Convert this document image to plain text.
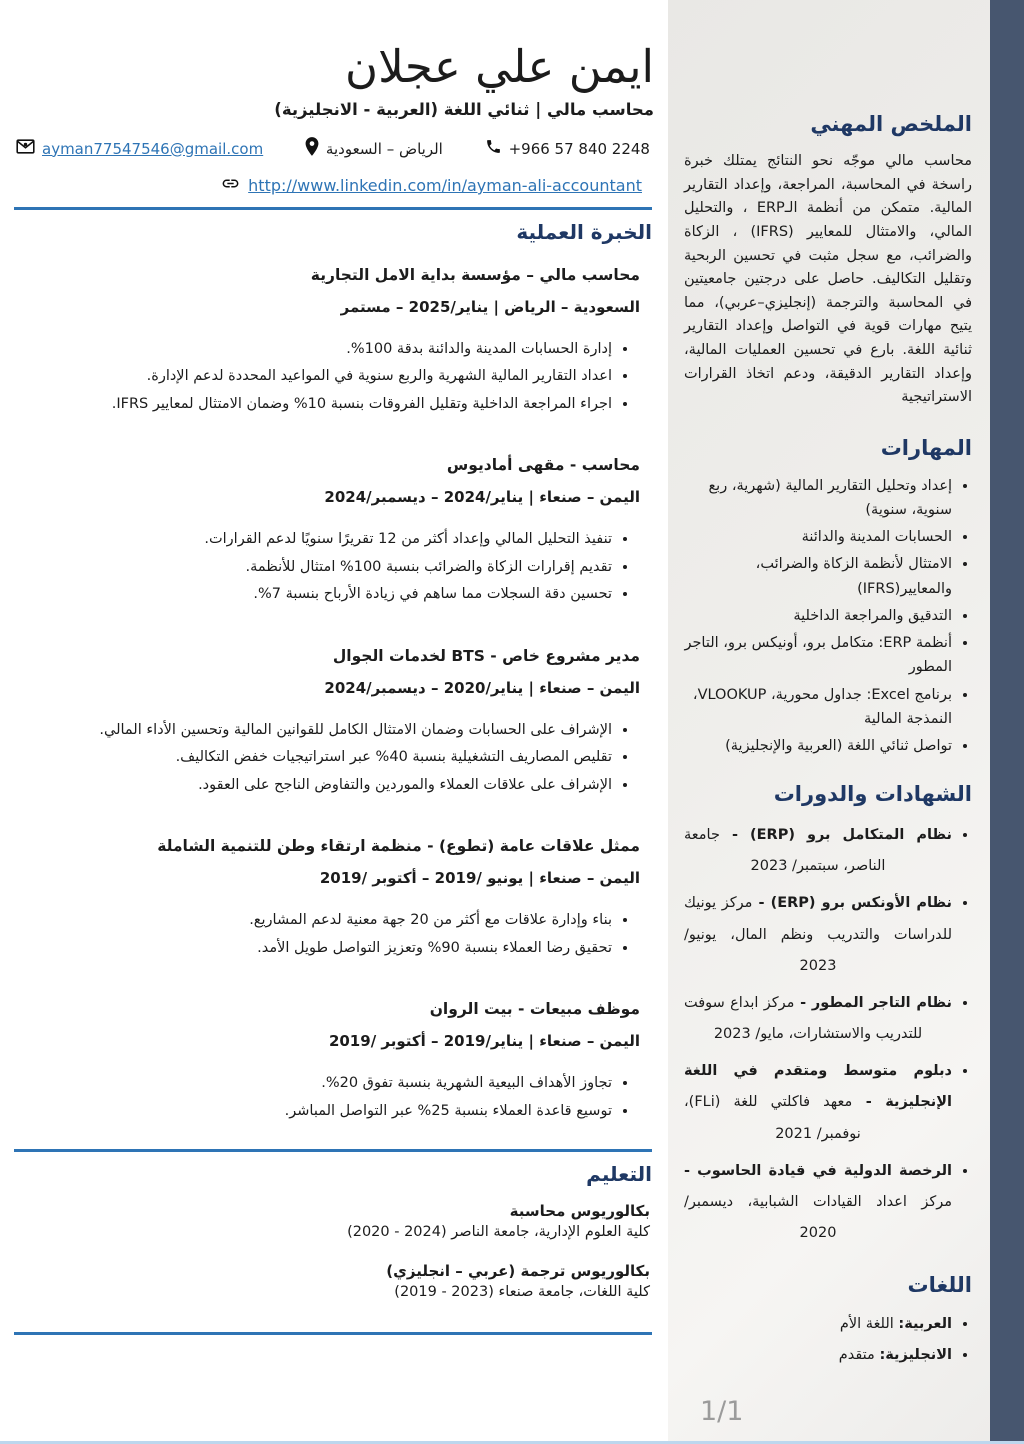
ايمن علي عجلان
محاسب مالي | ثنائي اللغة (العربية - الانجليزية)
ayman77547546@gmail.com	الرياض – السعودية	+966 57 840 2248
http://www.linkedin.com/in/ayman-ali-accountant
الخبرة العملية
محاسب مالي – مؤسسة بداية الامل التجارية
السعودية – الرياض | يناير/2025 – مستمر
• إدارة الحسابات المدينة والدائنة بدقة 100%.
• اعداد التقارير المالية الشهرية والربع سنوية في المواعيد المحددة لدعم الإدارة.
• اجراء المراجعة الداخلية وتقليل الفروقات بنسبة 10% وضمان الامتثال لمعايير IFRS.
محاسب - مقهى أماديوس
اليمن – صنعاء | يناير/2024 – ديسمبر/2024
• تنفيذ التحليل المالي وإعداد أكثر من 12 تقريرًا سنويًا لدعم القرارات.
• تقديم إقرارات الزكاة والضرائب بنسبة 100% امتثال للأنظمة.
• تحسين دقة السجلات مما ساهم في زيادة الأرباح بنسبة 7%.
مدير مشروع خاص - BTS لخدمات الجوال
اليمن – صنعاء | يناير/2020 – ديسمبر/2024
• الإشراف على الحسابات وضمان الامتثال الكامل للقوانين المالية وتحسين الأداء المالي.
• تقليص المصاريف التشغيلية بنسبة 40% عبر استراتيجيات خفض التكاليف.
• الإشراف على علاقات العملاء والموردين والتفاوض الناجح على العقود.
ممثل علاقات عامة (تطوع) - منظمة ارتقاء وطن للتنمية الشاملة
اليمن – صنعاء | يونيو /2019 – أكتوبر /2019
• بناء وإدارة علاقات مع أكثر من 20 جهة معنية لدعم المشاريع.
• تحقيق رضا العملاء بنسبة 90% وتعزيز التواصل طويل الأمد.
موظف مبيعات - بيت الروان
اليمن – صنعاء | يناير/2019 – أكتوبر /2019
• تجاوز الأهداف البيعية الشهرية بنسبة تفوق 20%.
• توسيع قاعدة العملاء بنسبة 25% عبر التواصل المباشر.
التعليم
بكالوريوس محاسبة
كلية العلوم الإدارية، جامعة الناصر (2020 - 2024)
بكالوريوس ترجمة (عربي – انجليزي)
كلية اللغات، جامعة صنعاء (2019 - 2023)
الملخص المهني

محاسب مالي موجّه نحو النتائج يمتلك خبرة راسخة في المحاسبة، المراجعة، وإعداد التقارير المالية. متمكن من أنظمة الـERP ، والتحليل المالي، والامتثال للمعايير (IFRS) ، الزكاة والضرائب، مع سجل مثبت في تحسين الربحية وتقليل التكاليف. حاصل على درجتين جامعيتين في المحاسبة والترجمة (إنجليزي–عربي)، مما يتيح مهارات قوية في التواصل وإعداد التقارير ثنائية اللغة. بارع في تحسين العمليات المالية، وإعداد التقارير الدقيقة، ودعم اتخاذ القرارات الاستراتيجية

المهارات
• إعداد وتحليل التقارير المالية (شهرية، ربع سنوية، سنوية)
• الحسابات المدينة والدائنة
• الامتثال لأنظمة الزكاة والضرائب، والمعايير(IFRS)
• التدقيق والمراجعة الداخلية
• أنظمة ERP: متكامل برو، أونيكس برو، التاجر المطور
• برنامج Excel: جداول محورية، VLOOKUP، النمذجة المالية
• تواصل ثنائي اللغة (العربية والإنجليزية)
الشهادات والدورات
• نظام المتكامل برو (ERP) - جامعة الناصر، سبتمبر/ 2023
• نظام الأونكس برو (ERP) - مركز يونيك للدراسات والتدريب ونظم المال، يونيو/ 2023
• نظام التاجر المطور - مركز ابداع سوفت للتدريب والاستشارات، مايو/ 2023
• دبلوم متوسط ومتقدم في اللغة الإنجليزية - معهد فاكلتي للغة (FLi)، نوفمبر/ 2021
• الرخصة الدولية في قيادة الحاسوب - مركز اعداد القيادات الشبابية، ديسمبر/ 2020
اللغات
• العربية: اللغة الأم
• الانجليزية: متقدم
1/1
